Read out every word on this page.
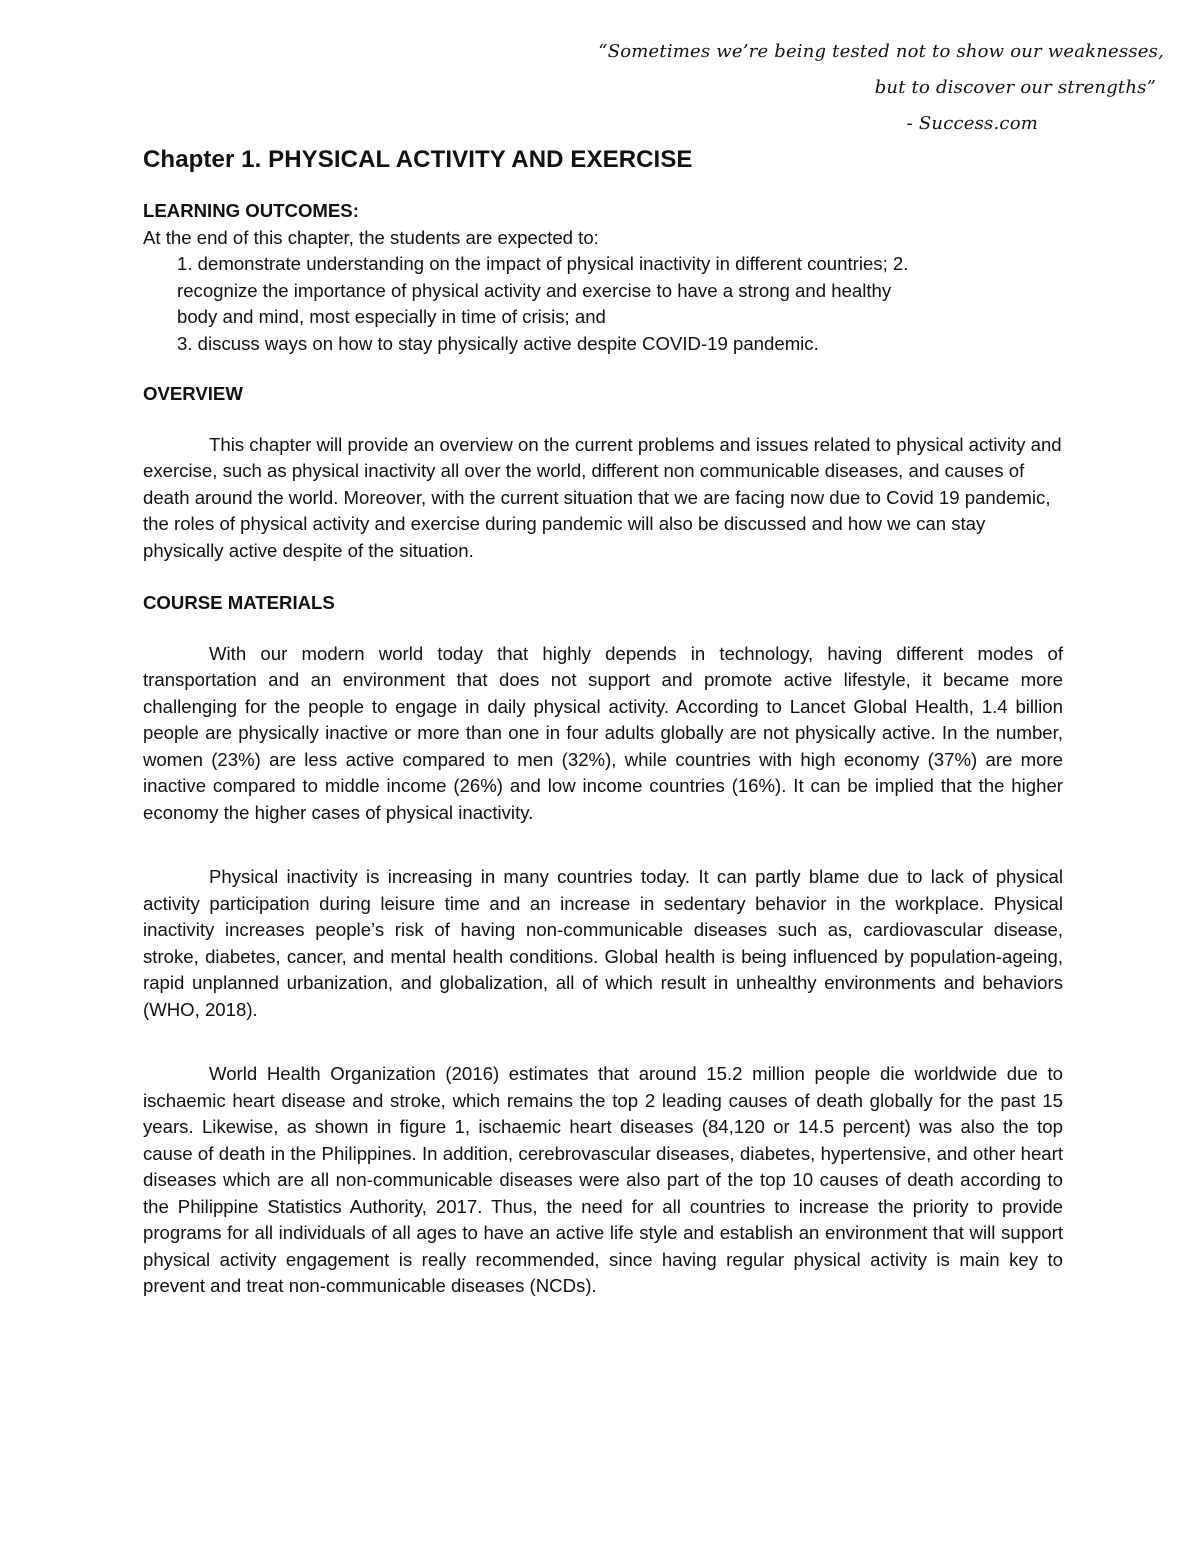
“Sometimes we’re being tested not to show our weaknesses,
but to discover our strengths”
- Success.com
Chapter 1. PHYSICAL ACTIVITY AND EXERCISE
LEARNING OUTCOMES:

At the end of this chapter, the students are expected to:

1. demonstrate understanding on the impact of physical inactivity in different countries; 2.

recognize the importance of physical activity and exercise to have a strong and healthy

body and mind, most especially in time of crisis; and

3. discuss ways on how to stay physically active despite COVID-19 pandemic.

OVERVIEW

This chapter will provide an overview on the current problems and issues related to physical activity and exercise, such as physical inactivity all over the world, different non communicable diseases, and causes of death around the world. Moreover, with the current situation that we are facing now due to Covid 19 pandemic, the roles of physical activity and exercise during pandemic will also be discussed and how we can stay physically active despite of the situation.

COURSE MATERIALS

With our modern world today that highly depends in technology, having different modes of transportation and an environment that does not support and promote active lifestyle, it became more challenging for the people to engage in daily physical activity. According to Lancet Global Health, 1.4 billion people are physically inactive or more than one in four adults globally are not physically active. In the number, women (23%) are less active compared to men (32%), while countries with high economy (37%) are more inactive compared to middle income (26%) and low income countries (16%). It can be implied that the higher economy the higher cases of physical inactivity.

Physical inactivity is increasing in many countries today. It can partly blame due to lack of physical activity participation during leisure time and an increase in sedentary behavior in the workplace. Physical inactivity increases people’s risk of having non-communicable diseases such as, cardiovascular disease, stroke, diabetes, cancer, and mental health conditions. Global health is being influenced by population-ageing, rapid unplanned urbanization, and globalization, all of which result in unhealthy environments and behaviors (WHO, 2018).

World Health Organization (2016) estimates that around 15.2 million people die worldwide due to ischaemic heart disease and stroke, which remains the top 2 leading causes of death globally for the past 15 years. Likewise, as shown in figure 1, ischaemic heart diseases (84,120 or 14.5 percent) was also the top cause of death in the Philippines. In addition, cerebrovascular diseases, diabetes, hypertensive, and other heart diseases which are all non-communicable diseases were also part of the top 10 causes of death according to the Philippine Statistics Authority, 2017. Thus, the need for all countries to increase the priority to provide programs for all individuals of all ages to have an active life style and establish an environment that will support physical activity engagement is really recommended, since having regular physical activity is main key to prevent and treat non-communicable diseases (NCDs).
